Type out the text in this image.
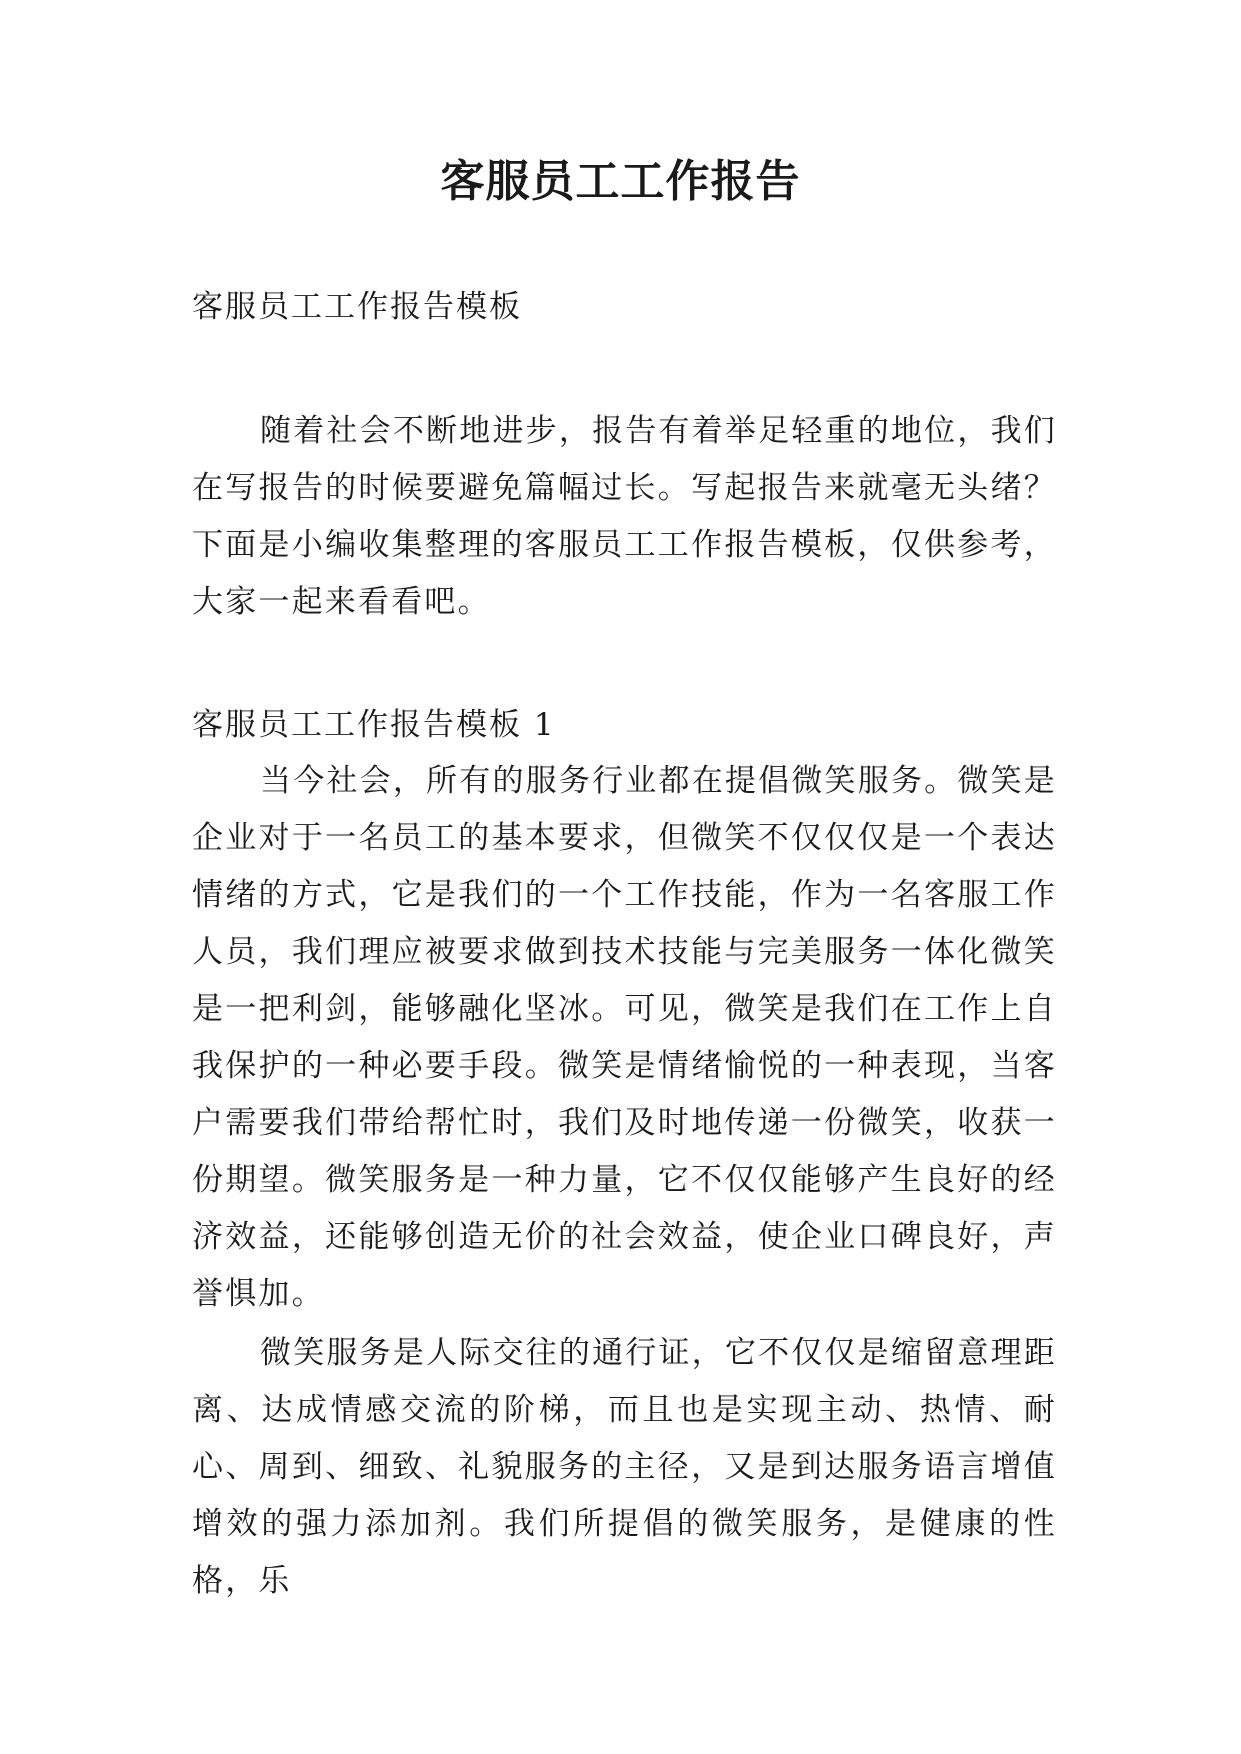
客服员工工作报告
客服员工工作报告模板
随着社会不断地进步，报告有着举足轻重的地位，我们在写报告的时候要避免篇幅过长。写起报告来就毫无头绪？下面是小编收集整理的客服员工工作报告模板，仅供参考，大家一起来看看吧。
客服员工工作报告模板 1
当今社会，所有的服务行业都在提倡微笑服务。微笑是企业对于一名员工的基本要求，但微笑不仅仅仅是一个表达情绪的方式，它是我们的一个工作技能，作为一名客服工作人员，我们理应被要求做到技术技能与完美服务一体化微笑是一把利剑，能够融化坚冰。可见，微笑是我们在工作上自我保护的一种必要手段。微笑是情绪愉悦的一种表现，当客户需要我们带给帮忙时，我们及时地传递一份微笑，收获一份期望。微笑服务是一种力量，它不仅仅能够产生良好的经济效益，还能够创造无价的社会效益，使企业口碑良好，声誉惧加。
微笑服务是人际交往的通行证，它不仅仅是缩留意理距离、达成情感交流的阶梯，而且也是实现主动、热情、耐心、周到、细致、礼貌服务的主径，又是到达服务语言增值增效的强力添加剂。我们所提倡的微笑服务，是健康的性格，乐
